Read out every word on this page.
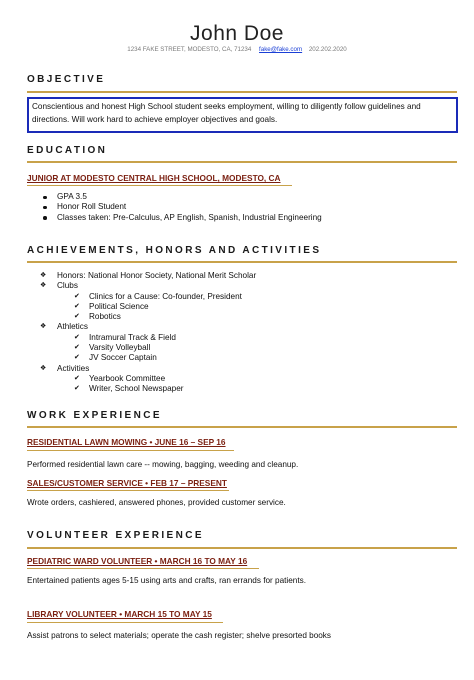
John Doe
1234 FAKE STREET, MODESTO, CA, 71234 fake@fake.com 202.202.2020
OBJECTIVE
Conscientious and honest High School student seeks employment, willing to diligently follow guidelines and directions. Will work hard to achieve employer objectives and goals.
EDUCATION
JUNIOR AT MODESTO CENTRAL HIGH SCHOOL, MODESTO, CA
GPA 3.5
Honor Roll Student
Classes taken: Pre-Calculus, AP English, Spanish, Industrial Engineering
ACHIEVEMENTS, HONORS AND ACTIVITIES
❖ Honors: National Honor Society, National Merit Scholar
❖ Clubs
✔ Clinics for a Cause: Co-founder, President
✔ Political Science
✔ Robotics
❖ Athletics
✔ Intramural Track & Field
✔ Varsity Volleyball
✔ JV Soccer Captain
❖ Activities
✔ Yearbook Committee
✔ Writer, School Newspaper
WORK EXPERIENCE
RESIDENTIAL LAWN MOWING • JUNE 16 – SEP 16
Performed residential lawn care -- mowing, bagging, weeding and cleanup.
SALES/CUSTOMER SERVICE • FEB 17 – PRESENT
Wrote orders, cashiered, answered phones, provided customer service.
VOLUNTEER EXPERIENCE
PEDIATRIC WARD VOLUNTEER • MARCH 16 TO MAY 16
Entertained patients ages 5-15 using arts and crafts, ran errands for patients.
LIBRARY VOLUNTEER • MARCH 15 TO MAY 15
Assist patrons to select materials; operate the cash register; shelve presorted books
